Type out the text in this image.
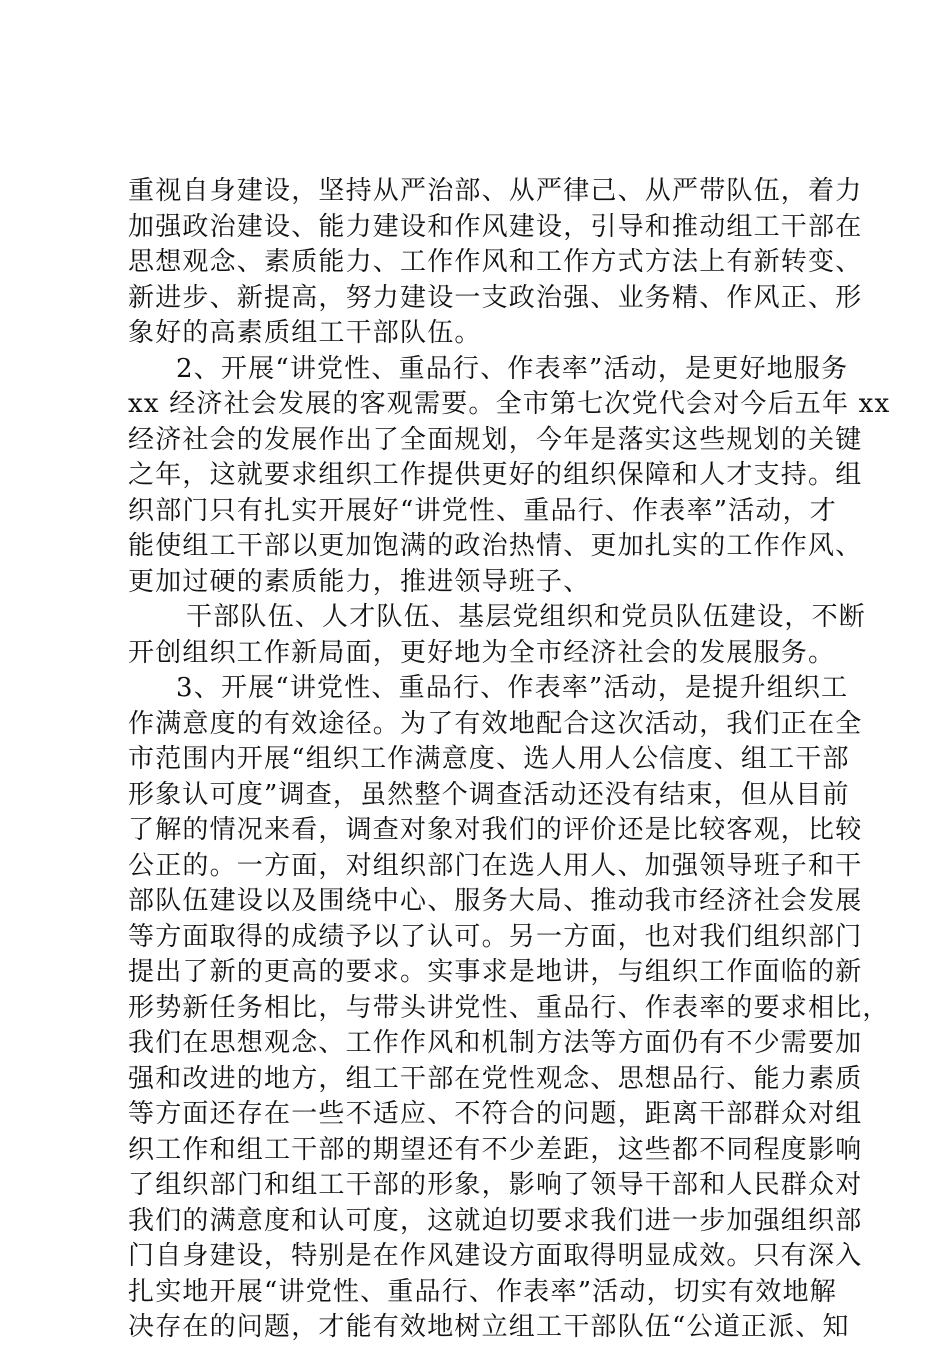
重视自身建设，坚持从严治部、从严律己、从严带队伍，着力
加强政治建设、能力建设和作风建设，引导和推动组工干部在
思想观念、素质能力、工作作风和工作方式方法上有新转变、
新进步、新提高，努力建设一支政治强、业务精、作风正、形
象好的高素质组工干部队伍。
2、开展“讲党性、重品行、作表率”活动，是更好地服务
xx 经济社会发展的客观需要。全市第七次党代会对今后五年 xx
经济社会的发展作出了全面规划，今年是落实这些规划的关键
之年，这就要求组织工作提供更好的组织保障和人才支持。组
织部门只有扎实开展好“讲党性、重品行、作表率”活动，才
能使组工干部以更加饱满的政治热情、更加扎实的工作作风、
更加过硬的素质能力，推进领导班子、
干部队伍、人才队伍、基层党组织和党员队伍建设，不断
开创组织工作新局面，更好地为全市经济社会的发展服务。
3、开展“讲党性、重品行、作表率”活动，是提升组织工
作满意度的有效途径。为了有效地配合这次活动，我们正在全
市范围内开展“组织工作满意度、选人用人公信度、组工干部
形象认可度”调查，虽然整个调查活动还没有结束，但从目前
了解的情况来看，调查对象对我们的评价还是比较客观，比较
公正的。一方面，对组织部门在选人用人、加强领导班子和干
部队伍建设以及围绕中心、服务大局、推动我市经济社会发展
等方面取得的成绩予以了认可。另一方面，也对我们组织部门
提出了新的更高的要求。实事求是地讲，与组织工作面临的新
形势新任务相比，与带头讲党性、重品行、作表率的要求相比，
我们在思想观念、工作作风和机制方法等方面仍有不少需要加
强和改进的地方，组工干部在党性观念、思想品行、能力素质
等方面还存在一些不适应、不符合的问题，距离干部群众对组
织工作和组工干部的期望还有不少差距，这些都不同程度影响
了组织部门和组工干部的形象，影响了领导干部和人民群众对
我们的满意度和认可度，这就迫切要求我们进一步加强组织部
门自身建设，特别是在作风建设方面取得明显成效。只有深入
扎实地开展“讲党性、重品行、作表率”活动，切实有效地解
决存在的问题，才能有效地树立组工干部队伍“公道正派、知
